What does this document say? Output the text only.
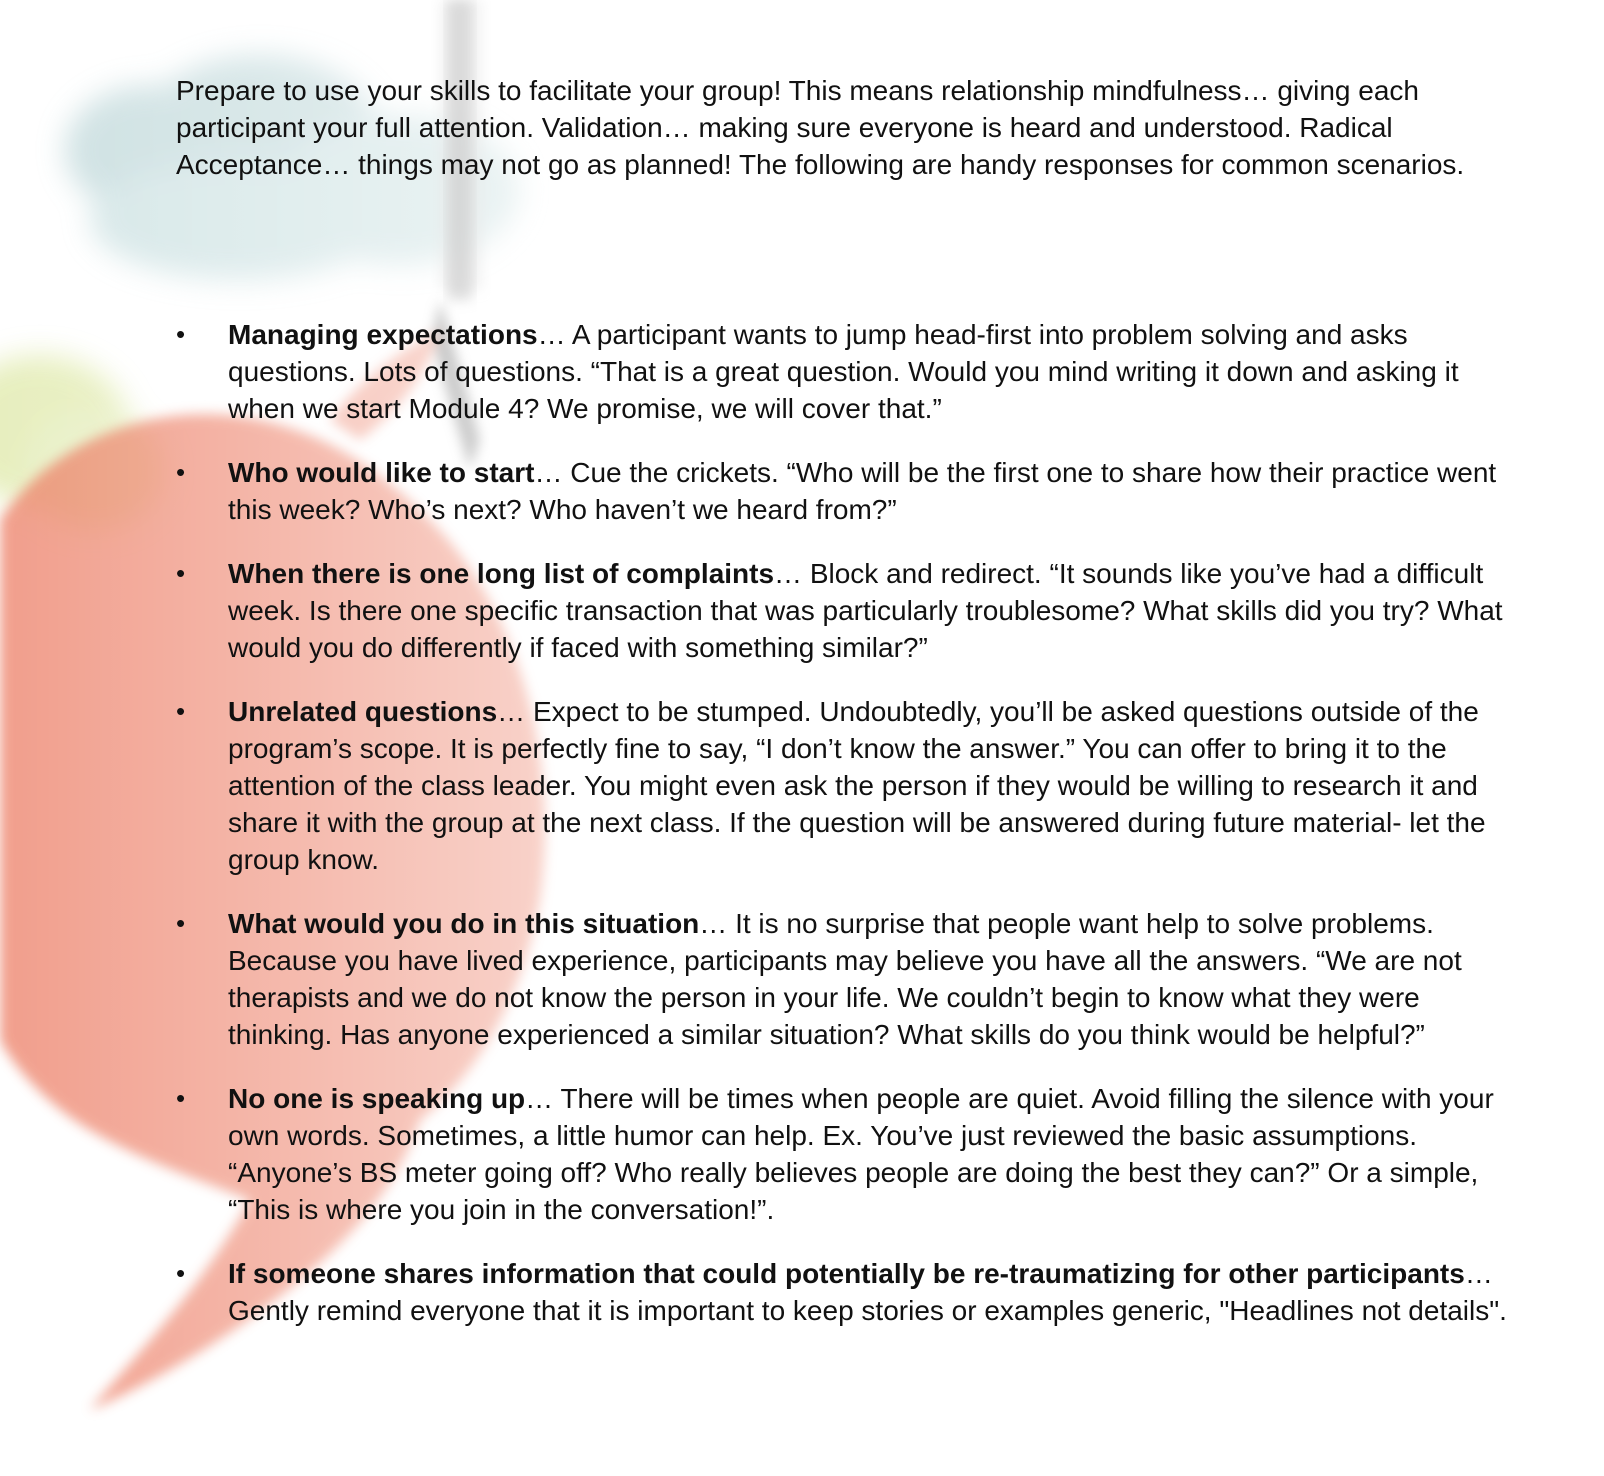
Prepare to use your skills to facilitate your group! This means relationship mindfulness… giving each participant your full attention. Validation… making sure everyone is heard and understood. Radical Acceptance… things may not go as planned! The following are handy responses for common scenarios.

• Managing expectations… A participant wants to jump head-first into problem solving and asks questions. Lots of questions. “That is a great question. Would you mind writing it down and asking it when we start Module 4? We promise, we will cover that.”
• Who would like to start… Cue the crickets. “Who will be the first one to share how their practice went this week? Who’s next? Who haven’t we heard from?”
• When there is one long list of complaints… Block and redirect. “It sounds like you’ve had a difficult week. Is there one specific transaction that was particularly troublesome? What skills did you try? What would you do differently if faced with something similar?”
• Unrelated questions… Expect to be stumped. Undoubtedly, you’ll be asked questions outside of the program’s scope. It is perfectly fine to say, “I don’t know the answer.” You can offer to bring it to the attention of the class leader. You might even ask the person if they would be willing to research it and share it with the group at the next class. If the question will be answered during future material- let the group know.
• What would you do in this situation… It is no surprise that people want help to solve problems. Because you have lived experience, participants may believe you have all the answers. “We are not therapists and we do not know the person in your life. We couldn’t begin to know what they were thinking. Has anyone experienced a similar situation? What skills do you think would be helpful?”
• No one is speaking up… There will be times when people are quiet. Avoid filling the silence with your own words. Sometimes, a little humor can help. Ex. You’ve just reviewed the basic assumptions. “Anyone’s BS meter going off? Who really believes people are doing the best they can?” Or a simple, “This is where you join in the conversation!”.
• If someone shares information that could potentially be re-traumatizing for other participants… Gently remind everyone that it is important to keep stories or examples generic, "Headlines not details".
